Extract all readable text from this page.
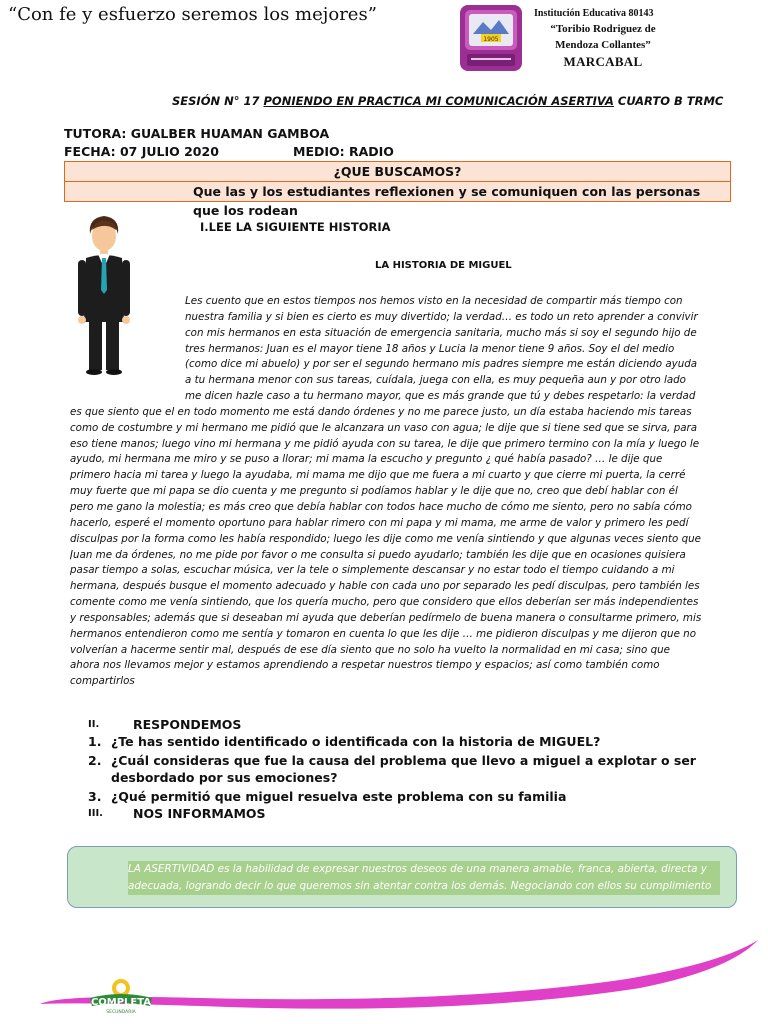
“Con fe y esfuerzo seremos los mejores”
1905
Institución Educativa 80143
“Toribio Rodriguez de
Mendoza Collantes”
MARCABAL
SESIÓN N° 17 PONIENDO EN PRACTICA MI COMUNICACIÓN ASERTIVA CUARTO B TRMC
TUTORA: GUALBER HUAMAN GAMBOA
FECHA: 07 JULIO 2020	MEDIO: RADIO
¿QUE BUSCAMOS?
Que las y los estudiantes reflexionen y se comuniquen con las personas que los rodean
I.LEE LA SIGUIENTE HISTORIA
LA HISTORIA DE MIGUEL
Les cuento que en estos tiempos nos hemos visto en la necesidad de compartir más tiempo con
nuestra familia y si bien es cierto es muy divertido; la verdad… es todo un reto aprender a convivir
con mis hermanos en esta situación de emergencia sanitaria, mucho más si soy el segundo hijo de
tres hermanos: Juan es el mayor tiene 18 años y Lucia la menor tiene 9 años. Soy el del medio
(como dice mi abuelo) y por ser el segundo hermano mis padres siempre me están diciendo ayuda
a tu hermana menor con sus tareas, cuídala, juega con ella, es muy pequeña aun y por otro lado
me dicen hazle caso a tu hermano mayor, que es más grande que tú y debes respetarlo: la verdad
es que siento que el en todo momento me está dando órdenes y no me parece justo, un día estaba haciendo mis tareas
como de costumbre y mi hermano me pidió que le alcanzara un vaso con agua; le dije que si tiene sed que se sirva, para
eso tiene manos; luego vino mi hermana y me pidió ayuda con su tarea, le dije que primero termino con la mía y luego le
ayudo, mi hermana me miro y se puso a llorar; mi mama la escucho y pregunto ¿ qué había pasado? … le dije que
primero hacia mi tarea y luego la ayudaba, mi mama me dijo que me fuera a mi cuarto y que cierre mi puerta, la cerré
muy fuerte que mi papa se dio cuenta y me pregunto si podíamos hablar y le dije que no, creo que debí hablar con él
pero me gano la molestia; es más creo que debía hablar con todos hace mucho de cómo me siento, pero no sabía cómo
hacerlo, esperé el momento oportuno para hablar rimero con mi papa y mi mama, me arme de valor y primero les pedí
disculpas por la forma como les había respondido; luego les dije como me venía sintiendo y que algunas veces siento que
Juan me da órdenes, no me pide por favor o me consulta si puedo ayudarlo; también les dije que en ocasiones quisiera
pasar tiempo a solas, escuchar música, ver la tele o simplemente descansar y no estar todo el tiempo cuidando a mi
hermana, después busque el momento adecuado y hable con cada uno por separado les pedí disculpas, pero también les
comente como me venía sintiendo, que los quería mucho, pero que considero que ellos deberían ser más independientes
y responsables; además que si deseaban mi ayuda que deberían pedírmelo de buena manera o consultarme primero, mis
hermanos entendieron como me sentía y tomaron en cuenta lo que les dije … me pidieron disculpas y me dijeron que no
volverían a hacerme sentir mal, después de ese día siento que no solo ha vuelto la normalidad en mi casa; sino que
ahora nos llevamos mejor y estamos aprendiendo a respetar nuestros tiempo y espacios; así como también como
compartirlos
II.	RESPONDEMOS
1. ¿Te has sentido identificado o identificada con la historia de MIGUEL?
2. ¿Cuál consideras que fue la causa del problema que llevo a miguel a explotar o ser desbordado por sus emociones?
3. ¿Qué permitió que miguel resuelva este problema con su familia
III.	NOS INFORMAMOS
LA ASERTIVIDAD es la habilidad de expresar nuestros deseos de una manera amable, franca, abierta, directa y adecuada, logrando decir lo que queremos sin atentar contra los demás. Negociando con ellos su cumplimiento
COMPLETA
SECUNDARIA
